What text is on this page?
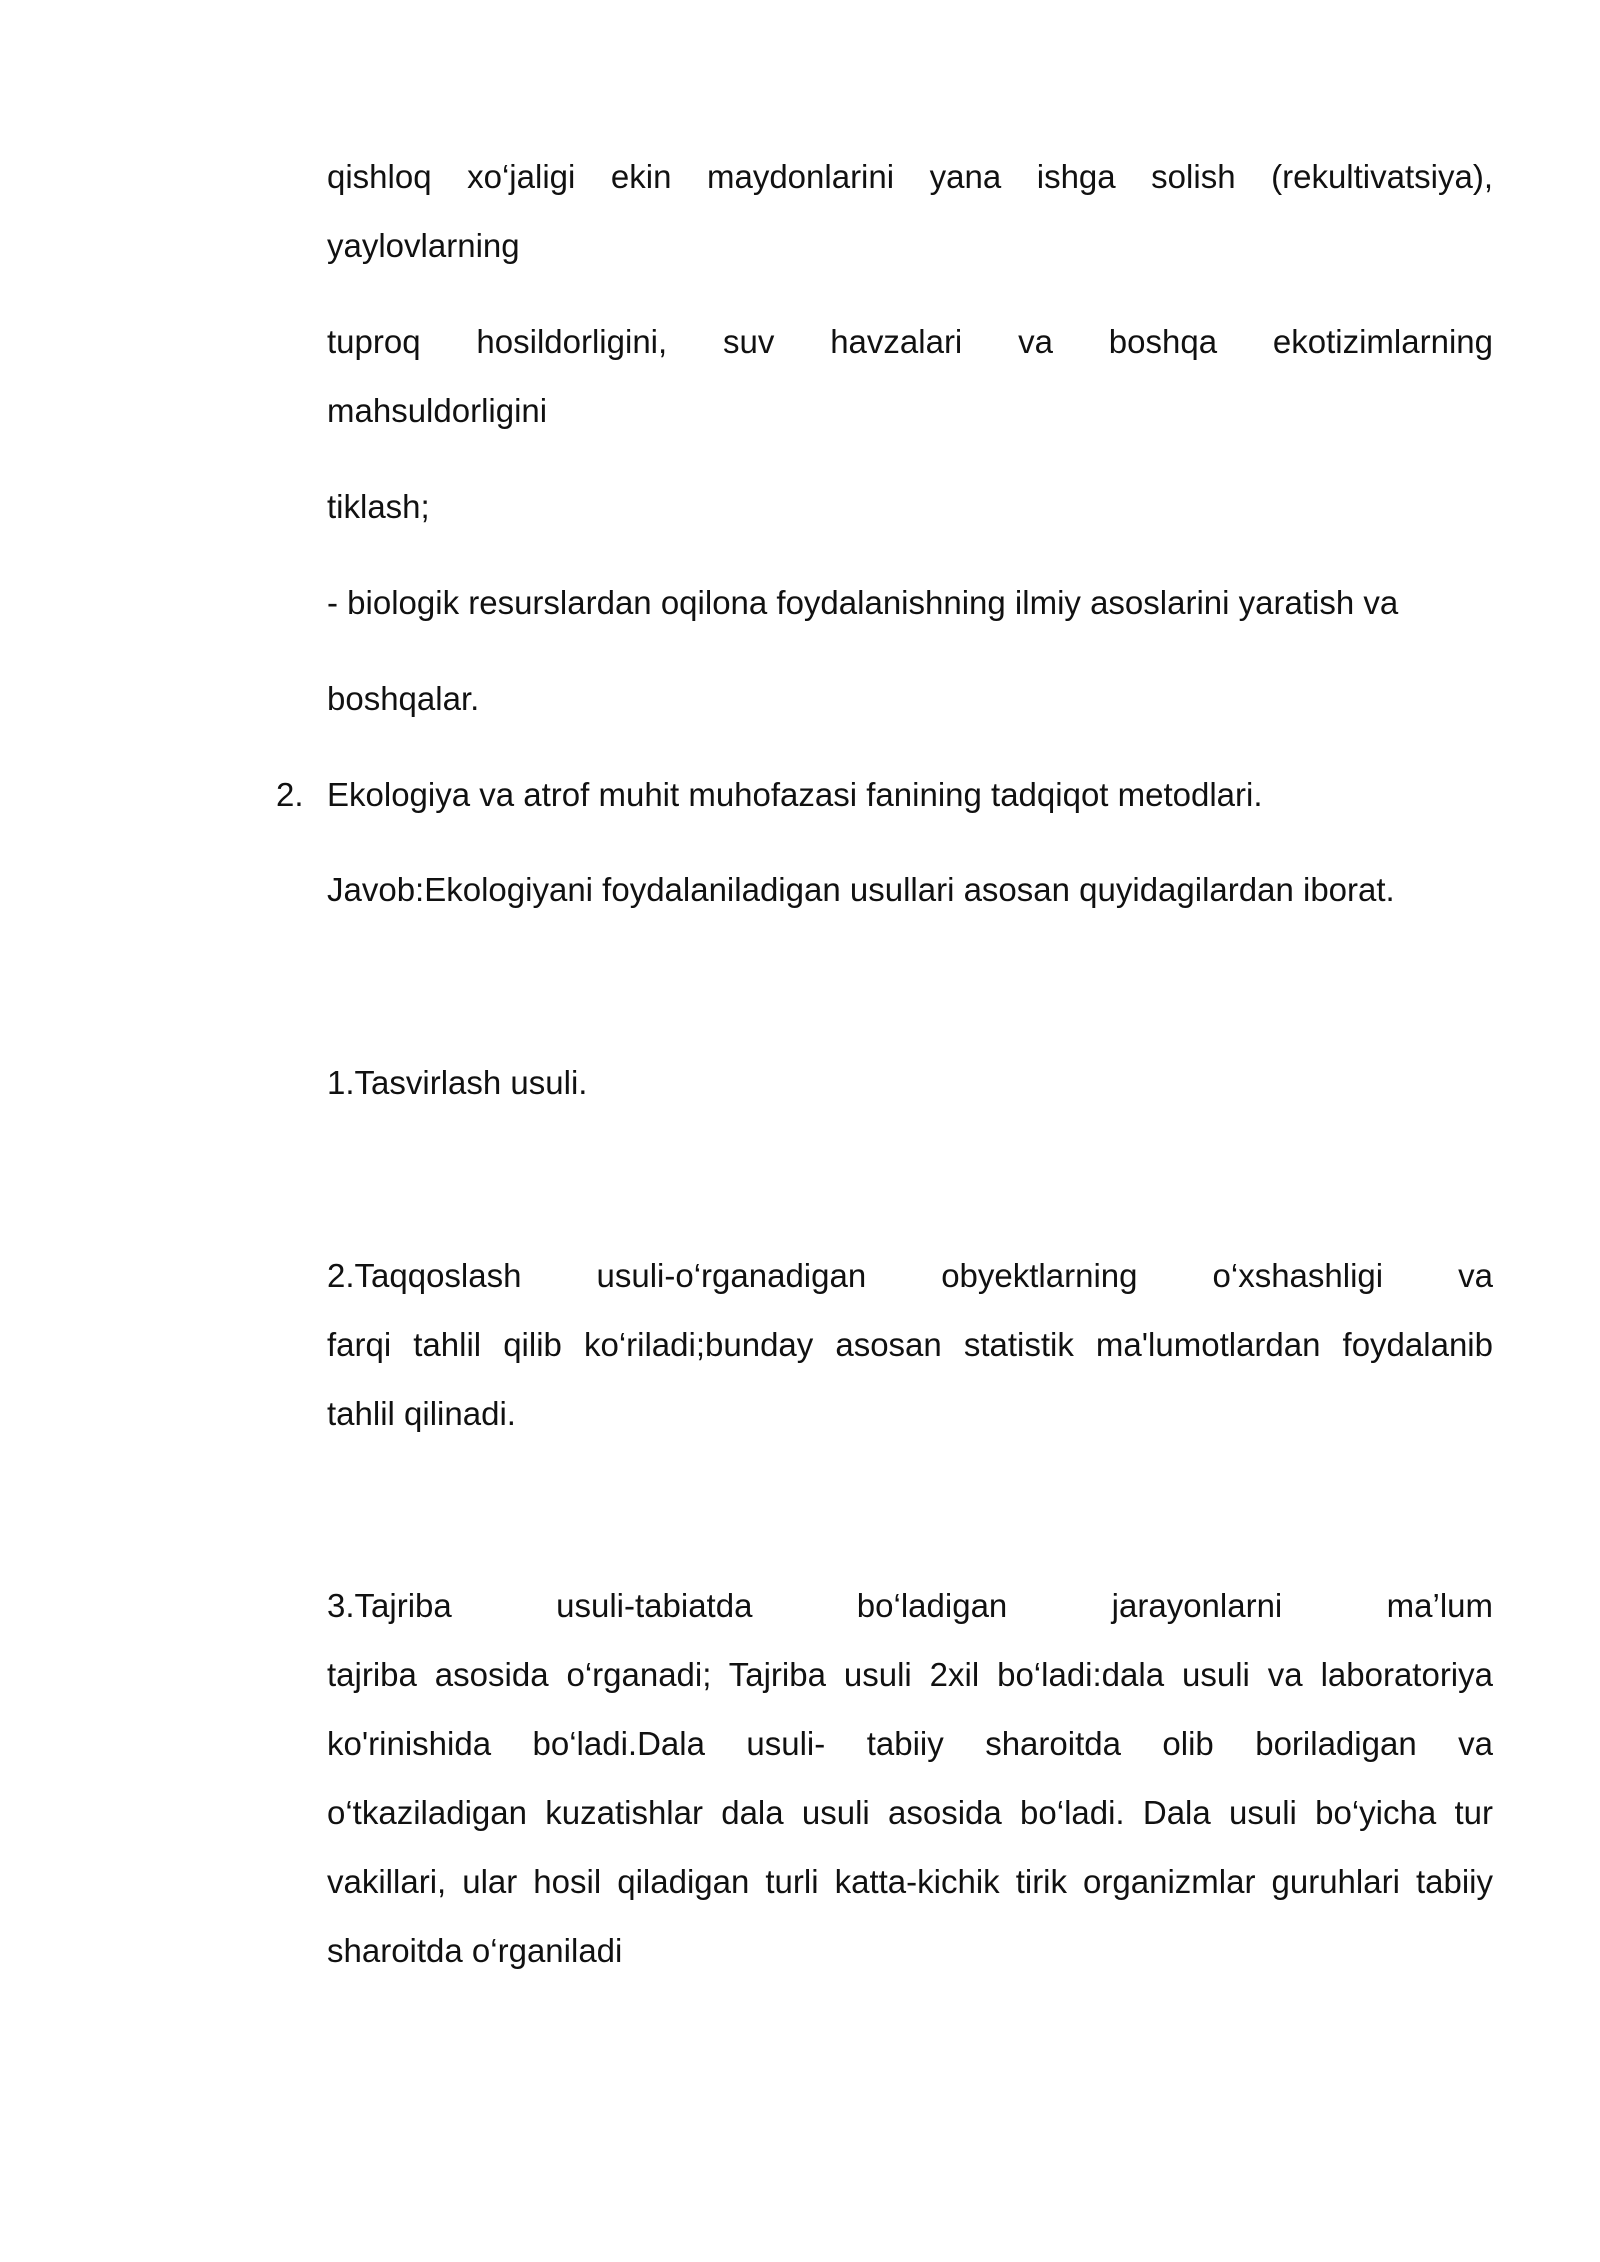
qishloq xo‘jaligi ekin maydonlarini yana ishga solish (rekultivatsiya),

yaylovlarning

tuproq hosildorligini, suv havzalari va boshqa ekotizimlarning

mahsuldorligini

tiklash;

- biologik resurslardan oqilona foydalanishning ilmiy asoslarini yaratish va

boshqalar.

2. Ekologiya va atrof muhit muhofazasi fanining tadqiqot metodlari.

Javob:Ekologiyani foydalaniladigan usullari asosan quyidagilardan iborat.

1.Tasvirlash usuli.

2.Taqqoslash usuli-o‘rganadigan obyektlarning o‘xshashligi va

farqi tahlil qilib ko‘riladi;bunday asosan statistik ma'lumotlardan foydalanib

tahlil qilinadi.

3.Tajriba usuli-tabiatda bo‘ladigan jarayonlarni ma’lum

tajriba asosida o‘rganadi; Tajriba usuli 2xil bo‘ladi:dala usuli va laboratoriya

ko'rinishida bo‘ladi.Dala usuli- tabiiy sharoitda olib boriladigan va

o‘tkaziladigan kuzatishlar dala usuli asosida bo‘ladi. Dala usuli bo‘yicha tur

vakillari, ular hosil qiladigan turli katta-kichik tirik organizmlar guruhlari tabiiy

sharoitda o‘rganiladi
